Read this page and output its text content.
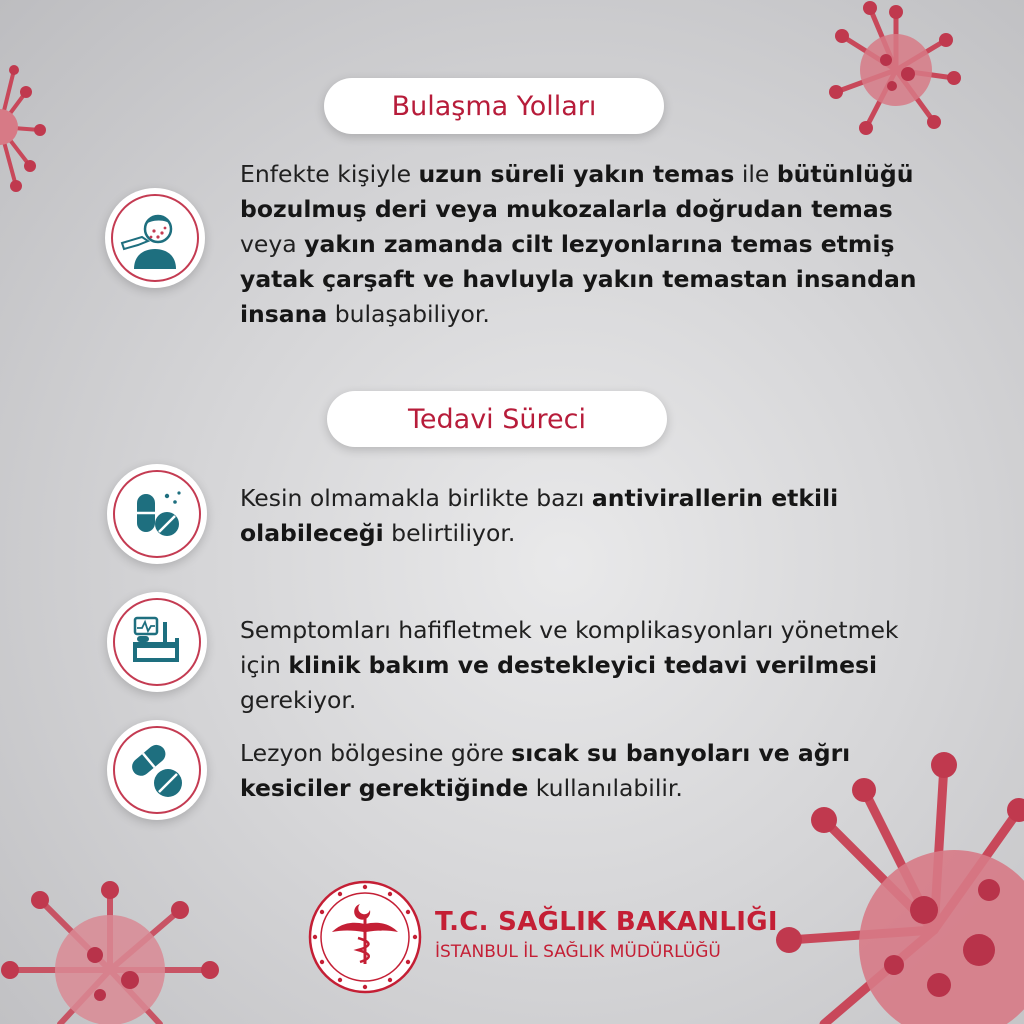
Bulaşma Yolları
Enfekte kişiyle uzun süreli yakın temas ile bütünlüğü bozulmuş deri veya mukozalarla doğrudan temas veya yakın zamanda cilt lezyonlarına temas etmiş yatak çarşaft ve havluyla yakın temastan insandan insana bulaşabiliyor.
Tedavi Süreci
Kesin olmamakla birlikte bazı antivirallerin etkili olabileceği belirtiliyor.
Semptomları hafifletmek ve komplikasyonları yönetmek için klinik bakım ve destekleyici tedavi verilmesi gerekiyor.
Lezyon bölgesine göre sıcak su banyoları ve ağrı kesiciler gerektiğinde kullanılabilir.
T.C. SAĞLIK BAKANLIĞI
İSTANBUL İL SAĞLIK MÜDÜRLÜĞÜ
